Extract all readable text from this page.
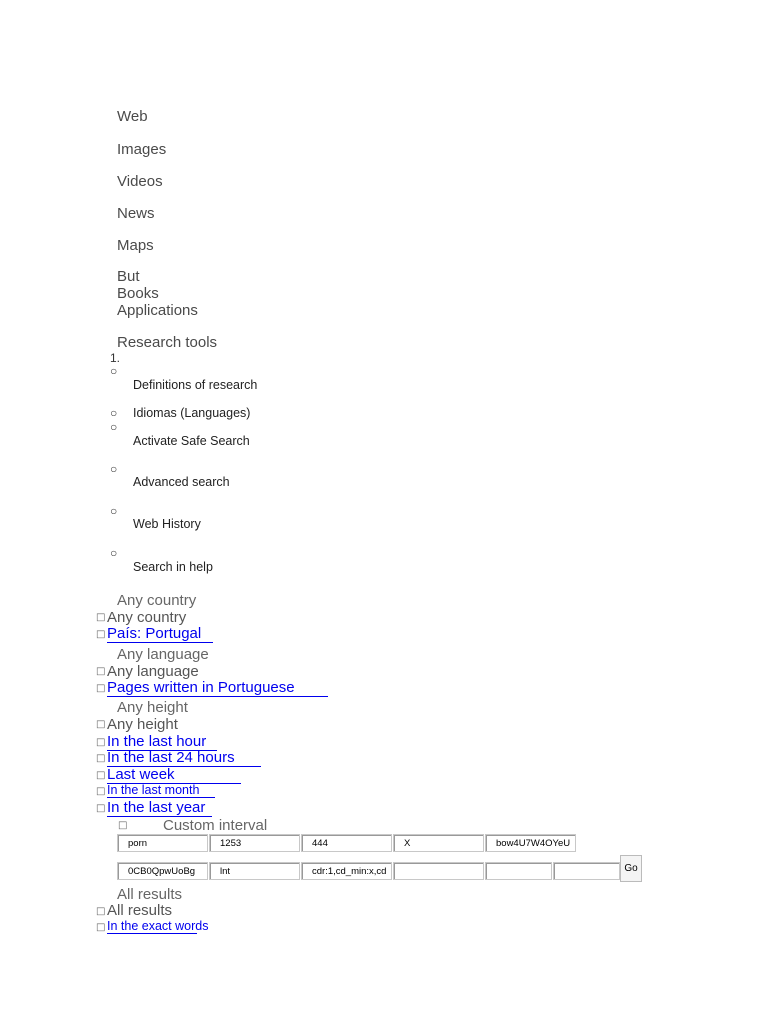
Web
Images
Videos
News
Maps
But
Books
Applications
Research tools
1.
○
Definitions of research
○ Idiomas (Languages)
○
Activate Safe Search
○
Advanced search
○
Web History
○
Search in help
Any country
□ Any country
□ País: Portugal
Any language
□ Any language
□ Pages written in Portuguese
Any height
□ Any height
□ In the last hour
□ In the last 24 hours
□ Last week
□ In the last month
□ In the last year
□ Custom interval
porn	1253	444	X	bow4U7W4OYeU
0CB0QpwUoBg	lnt	cdr:1,cd_min:x,cd	Go
All results
□ All results
□ In the exact words
